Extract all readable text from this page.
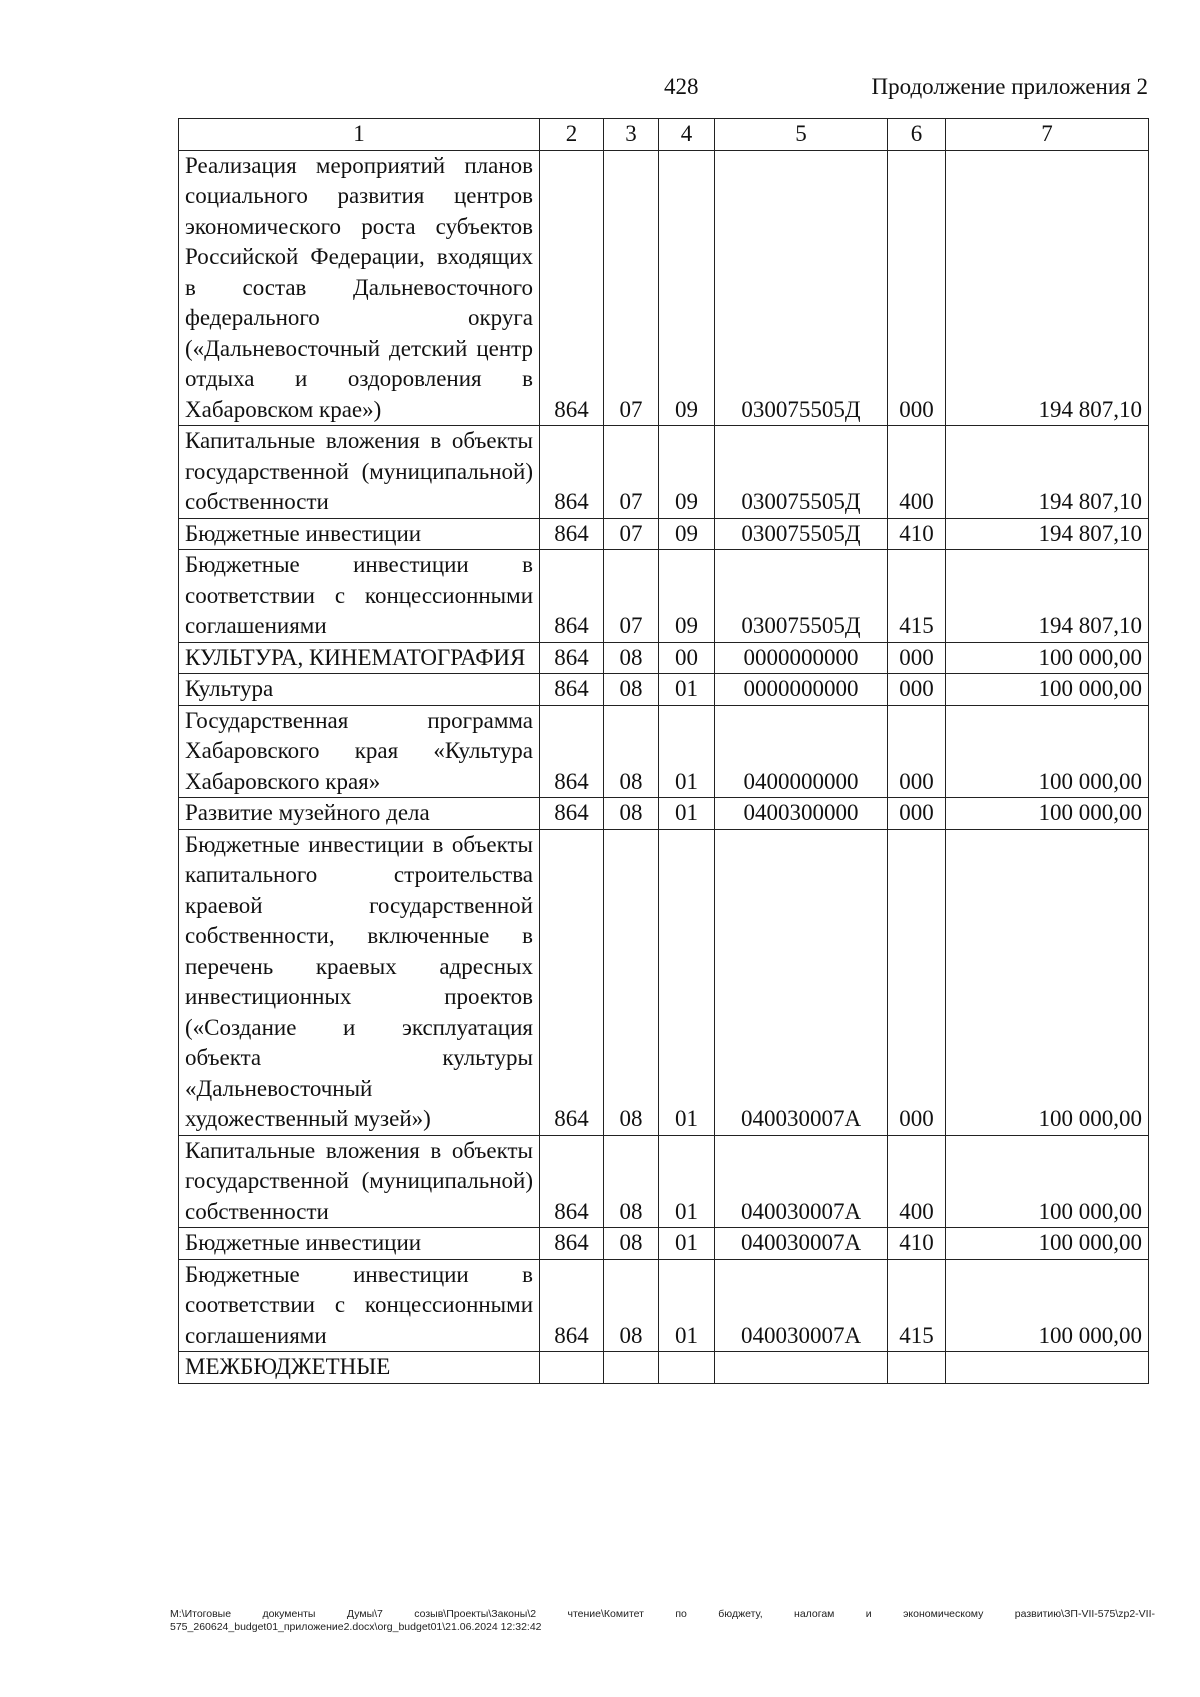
428	Продолжение приложения 2
1	2	3	4	5	6	7
Реализация мероприятий планов социального развития центров экономического роста субъектов Российской Федерации, входящих в состав Дальневосточного федерального округа («Дальневосточный детский центр отдыха и оздоровления в Хабаровском крае»)	864	07	09	030075505Д	000	194 807,10
Капитальные вложения в объекты государственной (муниципальной) собственности	864	07	09	030075505Д	400	194 807,10
Бюджетные инвестиции	864	07	09	030075505Д	410	194 807,10
Бюджетные инвестиции в соответствии с концессионными соглашениями	864	07	09	030075505Д	415	194 807,10
КУЛЬТУРА, КИНЕМАТОГРАФИЯ	864	08	00	0000000000	000	100 000,00
Культура	864	08	01	0000000000	000	100 000,00
Государственная программа Хабаровского края «Культура Хабаровского края»	864	08	01	0400000000	000	100 000,00
Развитие музейного дела	864	08	01	0400300000	000	100 000,00
Бюджетные инвестиции в объекты капитального строительства краевой государственной собственности, включенные в перечень краевых адресных инвестиционных проектов («Создание и эксплуатация объекта культуры «Дальневосточный художественный музей»)	864	08	01	040030007А	000	100 000,00
Капитальные вложения в объекты государственной (муниципальной) собственности	864	08	01	040030007А	400	100 000,00
Бюджетные инвестиции	864	08	01	040030007А	410	100 000,00
Бюджетные инвестиции в соответствии с концессионными соглашениями	864	08	01	040030007А	415	100 000,00
МЕЖБЮДЖЕТНЫЕ						
М:\Итоговые документы Думы\7 созыв\Проекты\Законы\2 чтение\Комитет по бюджету, налогам и экономическому развитию\ЗП-VII-575\zp2-VII-575_260624_budget01_приложение2.docx\org_budget01\21.06.2024 12:32:42
